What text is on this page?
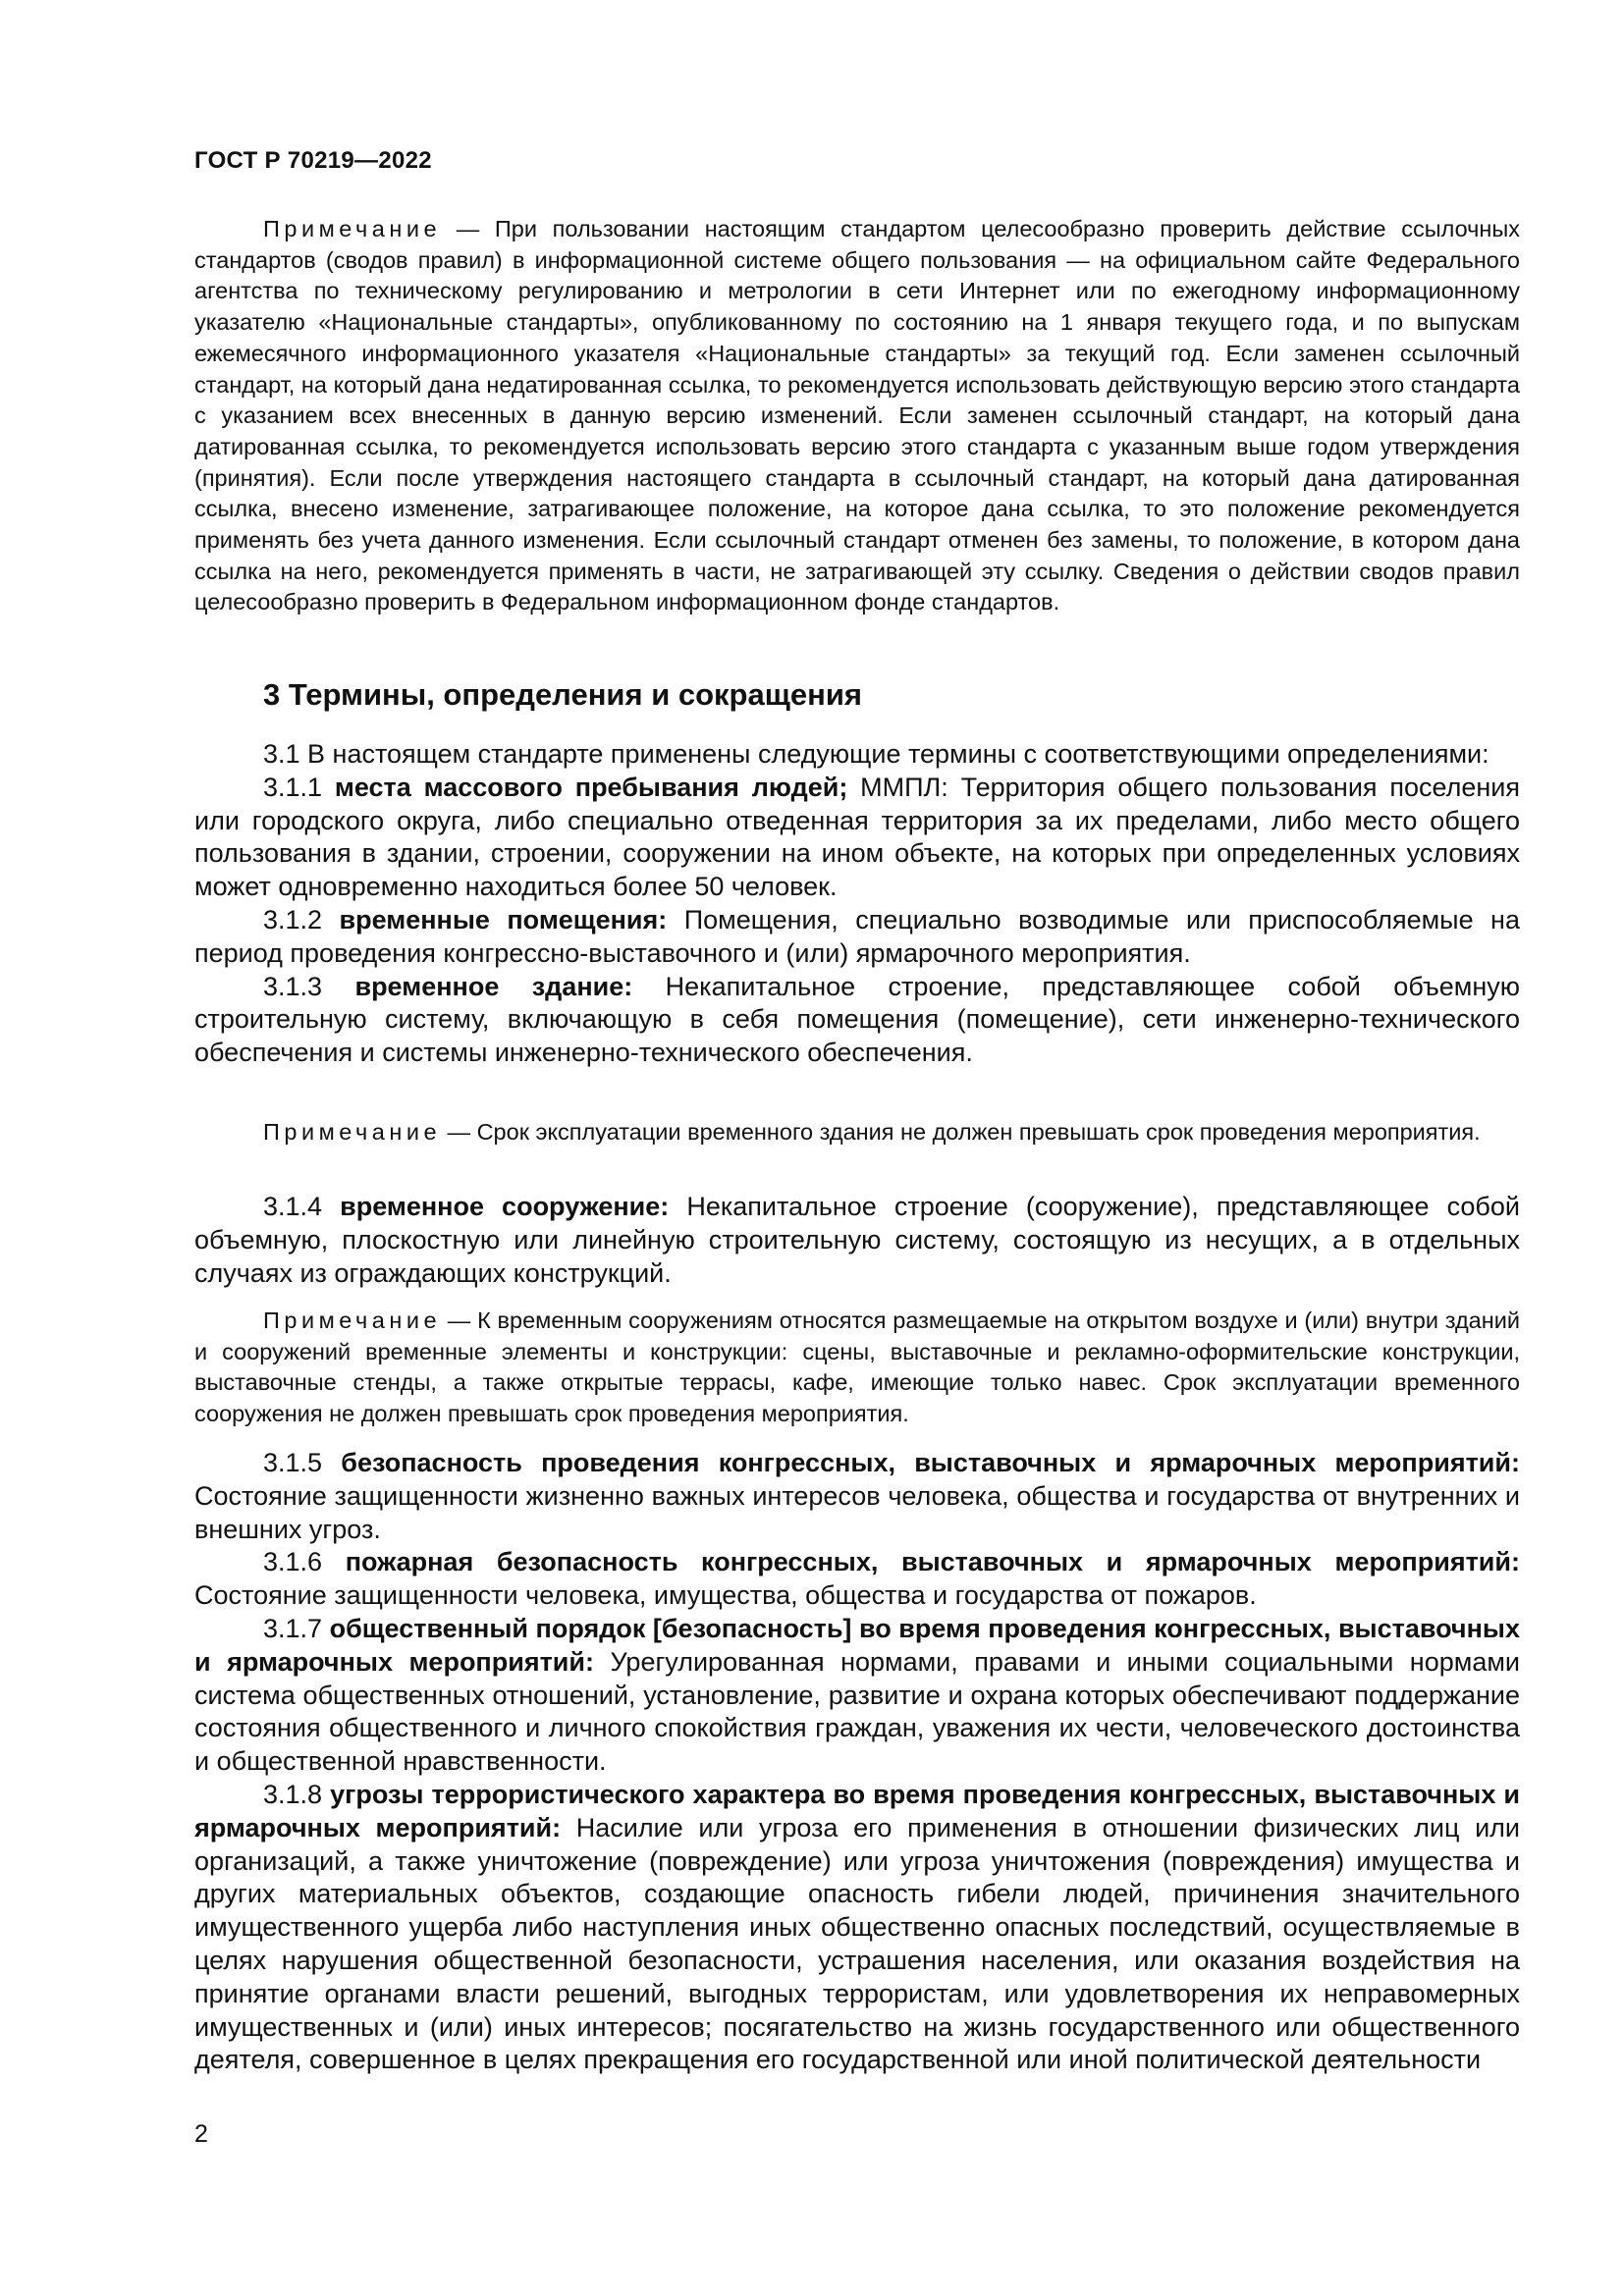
ГОСТ Р 70219—2022

Примечание — При пользовании настоящим стандартом целесообразно проверить действие ссылочных стандартов (сводов правил) в информационной системе общего пользования — на официальном сайте Федерального агентства по техническому регулированию и метрологии в сети Интернет или по ежегодному информационному указателю «Национальные стандарты», опубликованному по состоянию на 1 января текущего года, и по выпускам ежемесячного информационного указателя «Национальные стандарты» за текущий год. Если заменен ссылочный стандарт, на который дана недатированная ссылка, то рекомендуется использовать действующую версию этого стандарта с указанием всех внесенных в данную версию изменений. Если заменен ссылочный стандарт, на который дана датированная ссылка, то рекомендуется использовать версию этого стандарта с указанным выше годом утверждения (принятия). Если после утверждения настоящего стандарта в ссылочный стандарт, на который дана датированная ссылка, внесено изменение, затрагивающее положение, на которое дана ссылка, то это положение рекомендуется применять без учета данного изменения. Если ссылочный стандарт отменен без замены, то положение, в котором дана ссылка на него, рекомендуется применять в части, не затрагивающей эту ссылку. Сведения о действии сводов правил целесообразно проверить в Федеральном информационном фонде стандартов.

3 Термины, определения и сокращения

3.1 В настоящем стандарте применены следующие термины с соответствующими определениями:

3.1.1 места массового пребывания людей; ММПЛ: Территория общего пользования поселения или городского округа, либо специально отведенная территория за их пределами, либо место общего пользования в здании, строении, сооружении на ином объекте, на которых при определенных условиях может одновременно находиться более 50 человек.

3.1.2 временные помещения: Помещения, специально возводимые или приспособляемые на период проведения конгрессно-выставочного и (или) ярмарочного мероприятия.

3.1.3 временное здание: Некапитальное строение, представляющее собой объемную строительную систему, включающую в себя помещения (помещение), сети инженерно-технического обеспечения и системы инженерно-технического обеспечения.

Примечание — Срок эксплуатации временного здания не должен превышать срок проведения мероприятия.

3.1.4 временное сооружение: Некапитальное строение (сооружение), представляющее собой объемную, плоскостную или линейную строительную систему, состоящую из несущих, а в отдельных случаях из ограждающих конструкций.

Примечание — К временным сооружениям относятся размещаемые на открытом воздухе и (или) внутри зданий и сооружений временные элементы и конструкции: сцены, выставочные и рекламно-оформительские конструкции, выставочные стенды, а также открытые террасы, кафе, имеющие только навес. Срок эксплуатации временного сооружения не должен превышать срок проведения мероприятия.

3.1.5 безопасность проведения конгрессных, выставочных и ярмарочных мероприятий: Состояние защищенности жизненно важных интересов человека, общества и государства от внутренних и внешних угроз.

3.1.6 пожарная безопасность конгрессных, выставочных и ярмарочных мероприятий: Состояние защищенности человека, имущества, общества и государства от пожаров.

3.1.7 общественный порядок [безопасность] во время проведения конгрессных, выставочных и ярмарочных мероприятий: Урегулированная нормами, правами и иными социальными нормами система общественных отношений, установление, развитие и охрана которых обеспечивают поддержание состояния общественного и личного спокойствия граждан, уважения их чести, человеческого достоинства и общественной нравственности.

3.1.8 угрозы террористического характера во время проведения конгрессных, выставочных и ярмарочных мероприятий: Насилие или угроза его применения в отношении физических лиц или организаций, а также уничтожение (повреждение) или угроза уничтожения (повреждения) имущества и других материальных объектов, создающие опасность гибели людей, причинения значительного имущественного ущерба либо наступления иных общественно опасных последствий, осуществляемые в целях нарушения общественной безопасности, устрашения населения, или оказания воздействия на принятие органами власти решений, выгодных террористам, или удовлетворения их неправомерных имущественных и (или) иных интересов; посягательство на жизнь государственного или общественного деятеля, совершенное в целях прекращения его государственной или иной политической деятельности

2
